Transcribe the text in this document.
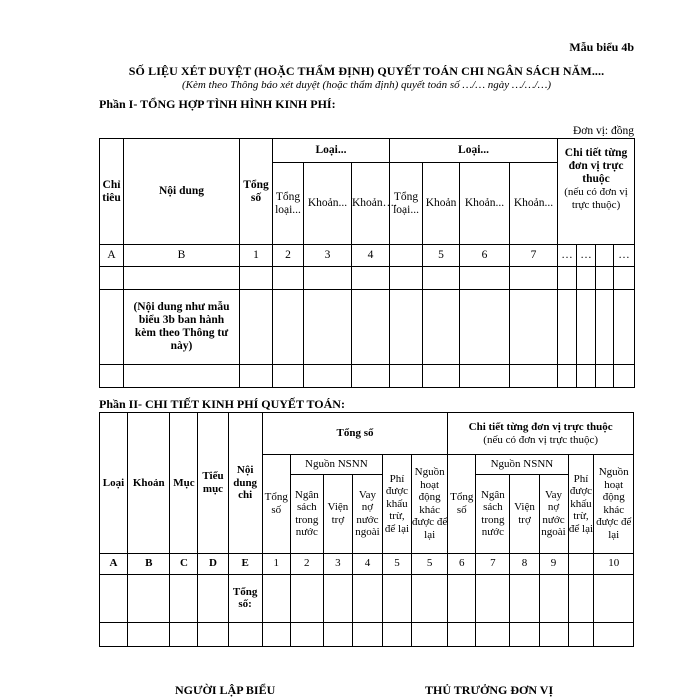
Mẫu biểu 4b
SỐ LIỆU XÉT DUYỆT (HOẶC THẨM ĐỊNH) QUYẾT TOÁN CHI NGÂN SÁCH NĂM....
(Kèm theo Thông báo xét duyệt (hoặc thẩm định) quyết toán số …/… ngày …/…/…)
Phần I- TỔNG HỢP TÌNH HÌNH KINH PHÍ:
Đơn vị: đồng
Chỉ tiêu	Nội dung	Tổng số	Loại...			Loại...				Chi tiết từng đơn vị trực thuộc
(nếu có đơn vị trực thuộc)			

			Tổng loại...	Khoản...	Khoản….	Tổng loại...	Khoản	Khoản...	Khoản...				
A	B	1	2	3	4		5	6	7	…	…		…

	(Nội dung như mẫu biểu 3b ban hành kèm theo Thông tư này)												

Phần II- CHI TIẾT KINH PHÍ QUYẾT TOÁN:
Loại	Khoản	Mục	Tiểu mục	Nội dung chi	Tổng số						Chi tiết từng đơn vị trực thuộc
(nếu có đơn vị trực thuộc)					

					Tổng số	Nguồn NSNN			Phí được khấu trừ, để lại	Nguồn hoạt động khác được để lại	Tổng số	Nguồn NSNN			Phí được khấu trừ, để lại	Nguồn hoạt động khác được để lại
						Ngân sách trong nước	Viện trợ	Vay nợ nước ngoài				Ngân sách trong nước	Viện trợ	Vay nợ nước ngoài		
A	B	C	D	E	1	2	3	4	5	5	6	7	8	9		10
				Tổng số:												

NGƯỜI LẬP BIỂU	THỦ TRƯỞNG ĐƠN VỊ
